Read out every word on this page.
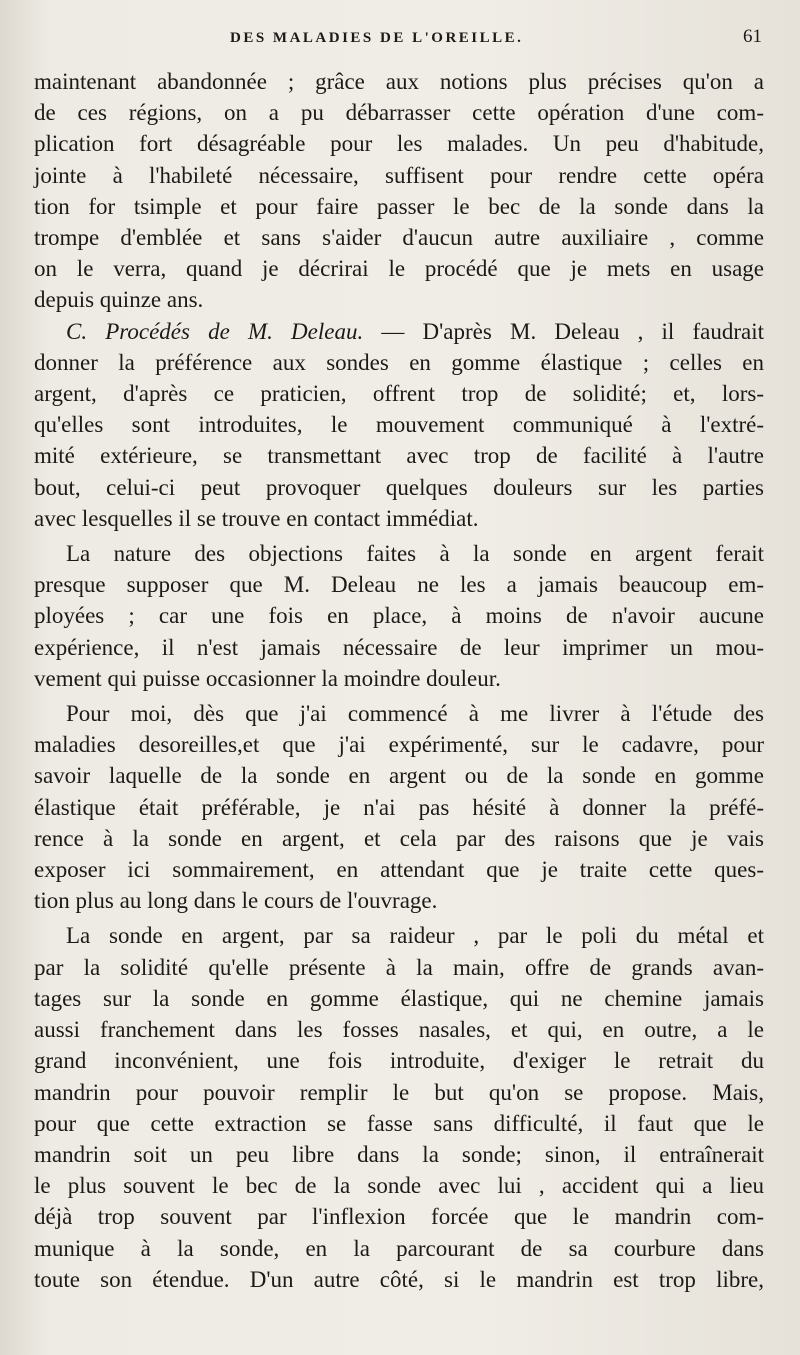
DES MALADIES DE L'OREILLE.	61
maintenant abandonnée ; grâce aux notions plus précises qu'on a
de ces régions, on a pu débarrasser cette opération d'une com-
plication fort désagréable pour les malades. Un peu d'habitude,
jointe à l'habileté nécessaire, suffisent pour rendre cette opéra
tion for tsimple et pour faire passer le bec de la sonde dans la
trompe d'emblée et sans s'aider d'aucun autre auxiliaire , comme
on le verra, quand je décrirai le procédé que je mets en usage
depuis quinze ans.
C. Procédés de M. Deleau. — D'après M. Deleau , il faudrait
donner la préférence aux sondes en gomme élastique ; celles en
argent, d'après ce praticien, offrent trop de solidité; et, lors-
qu'elles sont introduites, le mouvement communiqué à l'extré-
mité extérieure, se transmettant avec trop de facilité à l'autre
bout, celui-ci peut provoquer quelques douleurs sur les parties
avec lesquelles il se trouve en contact immédiat.
La nature des objections faites à la sonde en argent ferait
presque supposer que M. Deleau ne les a jamais beaucoup em-
ployées ; car une fois en place, à moins de n'avoir aucune
expérience, il n'est jamais nécessaire de leur imprimer un mou-
vement qui puisse occasionner la moindre douleur.
Pour moi, dès que j'ai commencé à me livrer à l'étude des
maladies desoreilles,et que j'ai expérimenté, sur le cadavre, pour
savoir laquelle de la sonde en argent ou de la sonde en gomme
élastique était préférable, je n'ai pas hésité à donner la préfé-
rence à la sonde en argent, et cela par des raisons que je vais
exposer ici sommairement, en attendant que je traite cette ques-
tion plus au long dans le cours de l'ouvrage.
La sonde en argent, par sa raideur , par le poli du métal et
par la solidité qu'elle présente à la main, offre de grands avan-
tages sur la sonde en gomme élastique, qui ne chemine jamais
aussi franchement dans les fosses nasales, et qui, en outre, a le
grand inconvénient, une fois introduite, d'exiger le retrait du
mandrin pour pouvoir remplir le but qu'on se propose. Mais,
pour que cette extraction se fasse sans difficulté, il faut que le
mandrin soit un peu libre dans la sonde; sinon, il entraînerait
le plus souvent le bec de la sonde avec lui , accident qui a lieu
déjà trop souvent par l'inflexion forcée que le mandrin com-
munique à la sonde, en la parcourant de sa courbure dans
toute son étendue. D'un autre côté, si le mandrin est trop libre,
